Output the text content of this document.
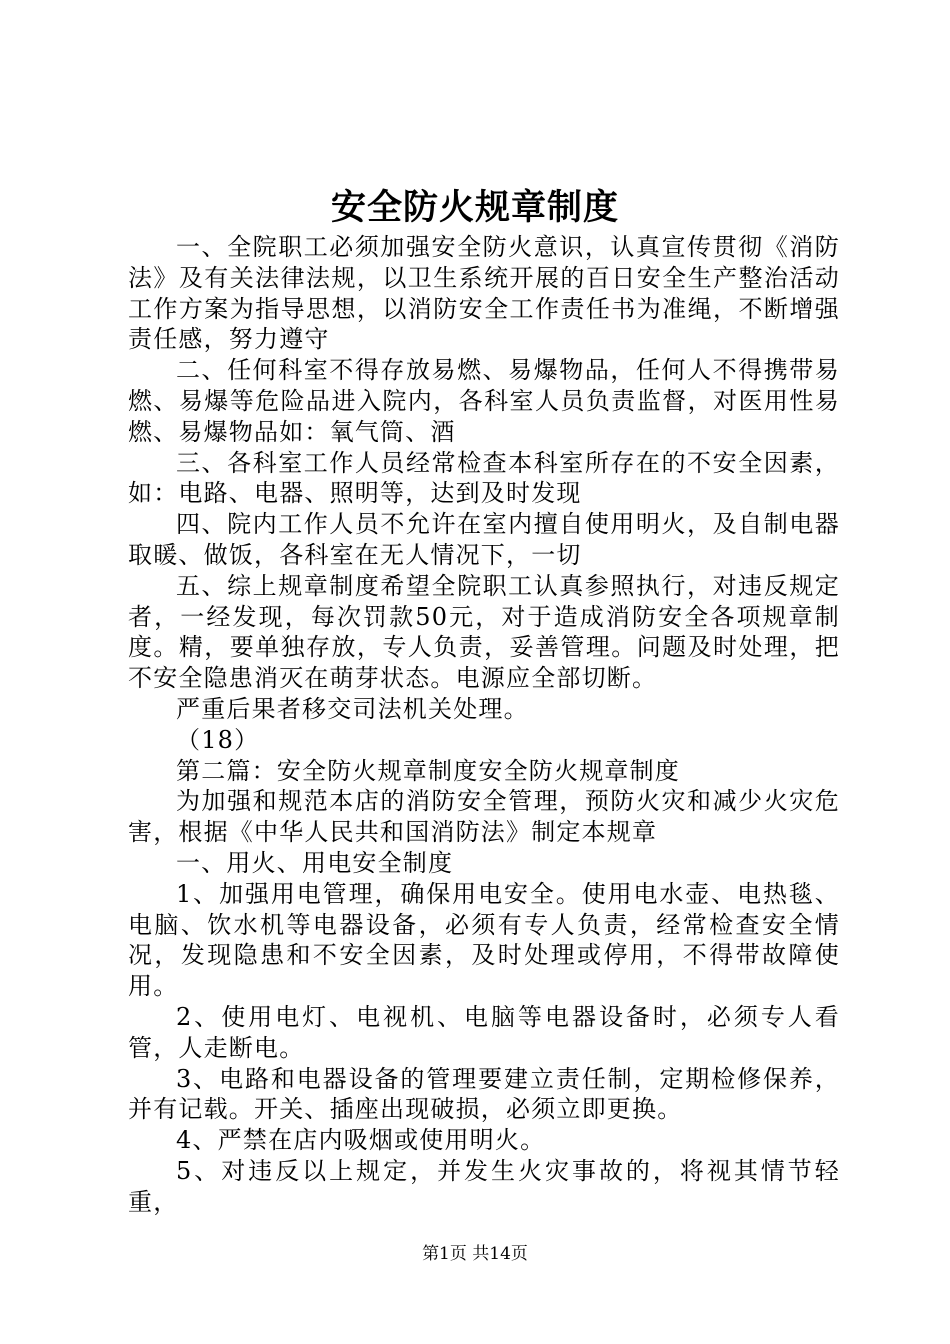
安全防火规章制度

一、全院职工必须加强安全防火意识，认真宣传贯彻《消防法》及有关法律法规，以卫生系统开展的百日安全生产整治活动工作方案为指导思想，以消防安全工作责任书为准绳，不断增强责任感，努力遵守

二、任何科室不得存放易燃、易爆物品，任何人不得携带易燃、易爆等危险品进入院内，各科室人员负责监督，对医用性易燃、易爆物品如：氧气筒、酒

三、各科室工作人员经常检查本科室所存在的不安全因素，如：电路、电器、照明等，达到及时发现

四、院内工作人员不允许在室内擅自使用明火，及自制电器取暖、做饭，各科室在无人情况下，一切

五、综上规章制度希望全院职工认真参照执行，对违反规定者，一经发现，每次罚款50元，对于造成消防安全各项规章制度。精，要单独存放，专人负责，妥善管理。问题及时处理，把不安全隐患消灭在萌芽状态。电源应全部切断。

严重后果者移交司法机关处理。

（18）

第二篇：安全防火规章制度安全防火规章制度

为加强和规范本店的消防安全管理，预防火灾和减少火灾危害，根据《中华人民共和国消防法》制定本规章

一、用火、用电安全制度

1、加强用电管理，确保用电安全。使用电水壶、电热毯、电脑、饮水机等电器设备，必须有专人负责，经常检查安全情况，发现隐患和不安全因素，及时处理或停用，不得带故障使用。

2、使用电灯、电视机、电脑等电器设备时，必须专人看管，人走断电。

3、电路和电器设备的管理要建立责任制，定期检修保养，并有记载。开关、插座出现破损，必须立即更换。

4、严禁在店内吸烟或使用明火。

5、对违反以上规定，并发生火灾事故的，将视其情节轻重，

第1页 共14页
